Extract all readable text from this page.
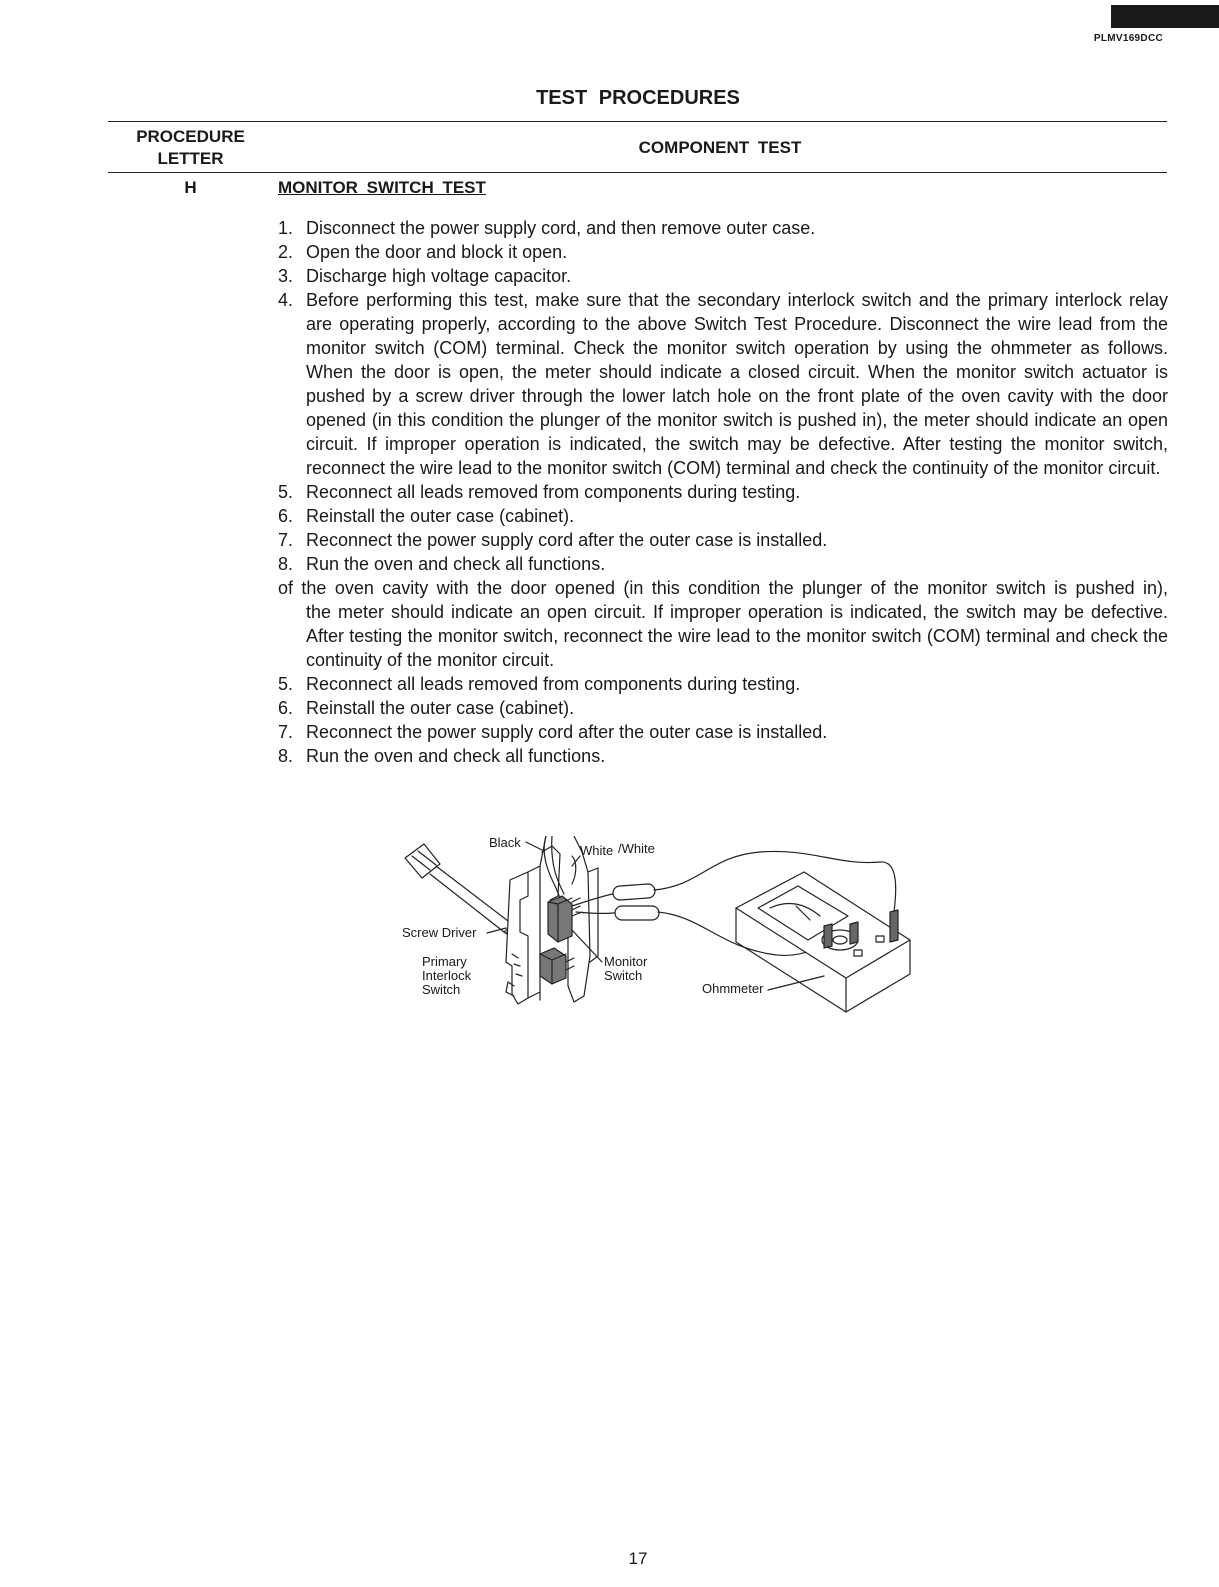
PLMV169DCC
TEST PROCEDURES
PROCEDURE
LETTER
COMPONENT TEST
H	MONITOR SWITCH TEST
1. Disconnect the power supply cord, and then remove outer case.
2. Open the door and block it open.
3. Discharge high voltage capacitor.
4. Before performing this test, make sure that the secondary interlock switch and the primary interlock relay are operating properly, according to the above Switch Test Procedure. Disconnect the wire lead from the monitor switch (COM) terminal. Check the monitor switch operation by using the ohmmeter as follows. When the door is open, the meter should indicate a closed circuit. When the monitor switch actuator is pushed by a screw driver through the lower latch hole on the front plate of the oven cavity with the door opened (in this condition the plunger of the monitor switch is pushed in), the meter should indicate an open circuit. If improper operation is indicated, the switch may be defective. After testing the monitor switch, reconnect the wire lead to the monitor switch (COM) terminal and check the continuity of the monitor circuit.
5. Reconnect all leads removed from components during testing.
6. Reinstall the outer case (cabinet).
7. Reconnect the power supply cord after the outer case is installed.
8. Run the oven and check all functions.
of the oven cavity with the door opened (in this condition the plunger of the monitor switch is pushed in),
the meter should indicate an open circuit. If improper operation is indicated, the switch may be defective. After testing the monitor switch, reconnect the wire lead to the monitor switch (COM) terminal and check the continuity of the monitor circuit.
5. Reconnect all leads removed from components during testing.
6. Reinstall the outer case (cabinet).
7. Reconnect the power supply cord after the outer case is installed.
8. Run the oven and check all functions.
Black
White /White
Screw Driver
Primary
Interlock
Switch
Monitor
Switch
Ohmmeter
17
